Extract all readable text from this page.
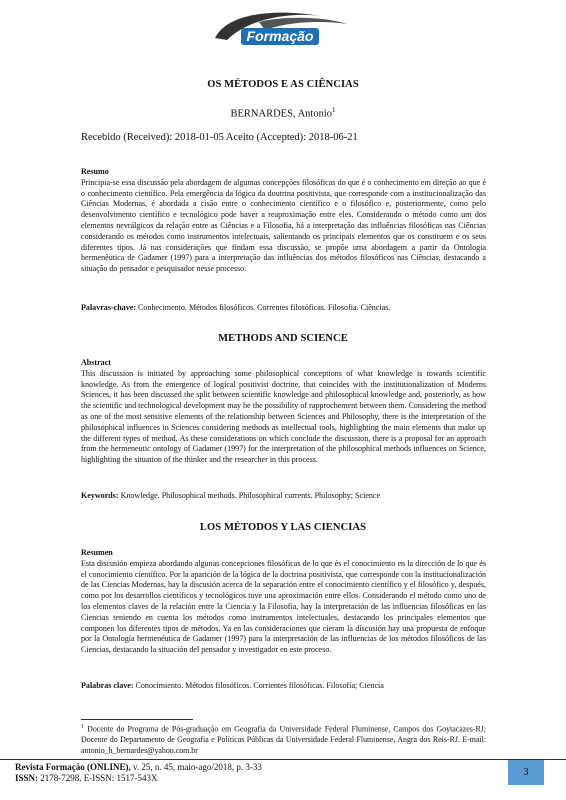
Formação
OS MÉTODOS E AS CIÊNCIAS
BERNARDES, Antonio$^1$
Recebido (Received): 2018-01-05 Aceito (Accepted): 2018-06-21
Resumo
Principia-se essa discussão pela abordagem de algumas concepções filosóficas do que é o conhecimento em direção ao que é o conhecimento científico. Pela emergência da lógica da doutrina positivista, que corresponde com a institucionalização das Ciências Modernas, é abordada a cisão entre o conhecimento científico e o filosófico e, posteriormente, como pelo desenvolvimento científico e tecnológico pode haver a reaproximação entre eles. Considerando o método como um dos elementos nevrálgicos da relação entre as Ciências e a Filosofia, há a interpretação das influências filosóficas nas Ciências considerando os métodos como instrumentos intelectuais, salientando os principais elementos que os constituem e os seus diferentes tipos. Já nas considerações que findam essa discussão, se propõe uma abordagem a partir da Ontologia hermenêutica de Gadamer (1997) para a interpretação das influências dos métodos filosóficos nas Ciências, destacando a situação do pensador e pesquisador nesse processo.
Palavras-chave: Conhecimento. Métodos filosóficos. Correntes filosóficas. Filosofia. Ciências.
METHODS AND SCIENCE
Abstract
This discussion is initiated by approaching some philosophical conceptions of what knowledge is towards scientific knowledge. As from the emergence of logical positivist doctrine, that coincides with the institutionalization of Moderns Sciences, it has been discussed the split between scientific knowledge and philosophical knowledge and, posteriorly, as how the scientific and technological development may be the possibility of rapprochement between them. Considering the method as one of the most sensitive elements of the relationship between Sciences and Philosophy, there is the interpretation of the philosophical influences in Sciences considering methods as intellectual tools, highlighting the main elements that make up the different types of method. As these considerations on which conclude the discussion, there is a proposal for an approach from the hermeneutic ontology of Gadamer (1997) for the interpretation of the philosophical methods influences on Science, highlighting the situation of the thinker and the researcher in this process.
Keywords: Knowledge. Philosophical methods. Philosophical currents. Philosophy; Science
LOS MÉTODOS Y LAS CIENCIAS
Resumen
Esta discusión empieza abordando algunas concepciones filosóficas de lo que és el conocimiento en la dirección de lo que és el conocimiento científico. Por la aparición de la lógica de la doctrina positivista, que corresponde con la institucionalización de las Ciencias Modernas, hay la discusión acerca de la separación entre el conocimiento científico y el filosófico y, después, como por los desarrollos científicos y tecnológicos tuve una aproximación entre ellos. Considerando el método como uno de los elementos claves de la relación entre la Ciencia y la Filosofía, hay la interpretación de las influencias filosóficas en las Ciencias teniendo en cuenta los métodos como instrumentos intelectuales, destacando los principales elementos que componen los diferentes tipos de métodos. Ya en las consideraciones que cieram la discusión hay una propuesta de enfoque por la Ontología hermenéutica de Gadamer (1997) para la interpretación de las influencias de los métodos filosóficos de las Ciencias, destacando la situación del pensador y investigador en este proceso.
Palabras clave: Conocimiento. Métodos filosóficos. Corrientes filosóficas. Filosofía; Ciencia
$^1$ Docente do Programa de Pós-graduação em Geografia da Universidade Federal Fluminense, Campos dos Goytacazes-RJ; Docente do Departamento de Geografia e Políticas Públicas da Universidade Federal Fluminense, Angra dos Reis-RJ. E-mail: antonio_h_bernardes@yahoo.com.br
Revista Formação (ONLINE), v. 25, n. 45, maio-ago/2018, p. 3-33
ISSN: 2178-7298. E-ISSN: 1517-543X	3
